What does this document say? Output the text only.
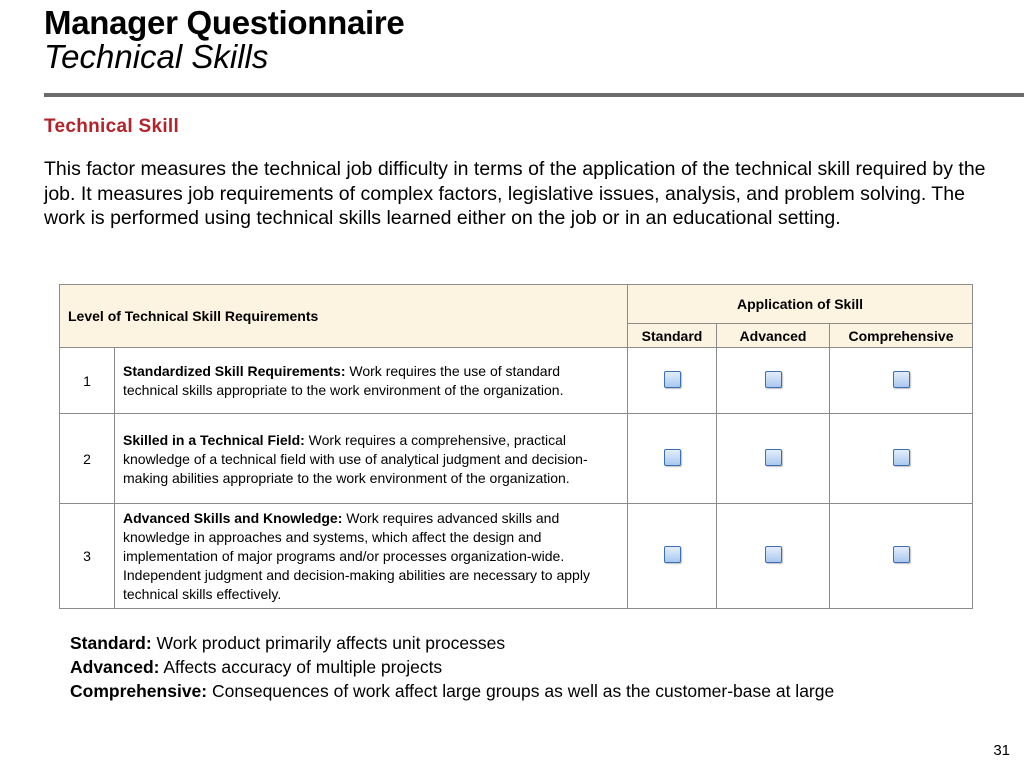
Manager Questionnaire
Technical Skills
Technical Skill
This factor measures the technical job difficulty in terms of the application of the technical skill required by the job. It measures job requirements of complex factors, legislative issues, analysis, and problem solving. The work is performed using technical skills learned either on the job or in an educational setting.
Level of Technical Skill Requirements		Application of Skill		
		Standard	Advanced	Comprehensive
1	Standardized Skill Requirements: Work requires the use of standard technical skills appropriate to the work environment of the organization.			
2	Skilled in a Technical Field: Work requires a comprehensive, practical knowledge of a technical field with use of analytical judgment and decision-making abilities appropriate to the work environment of the organization.			
3	Advanced Skills and Knowledge: Work requires advanced skills and knowledge in approaches and systems, which affect the design and implementation of major programs and/or processes organization-wide. Independent judgment and decision-making abilities are necessary to apply technical skills effectively.			
Standard: Work product primarily affects unit processes
Advanced: Affects accuracy of multiple projects
Comprehensive: Consequences of work affect large groups as well as the customer-base at large
31
